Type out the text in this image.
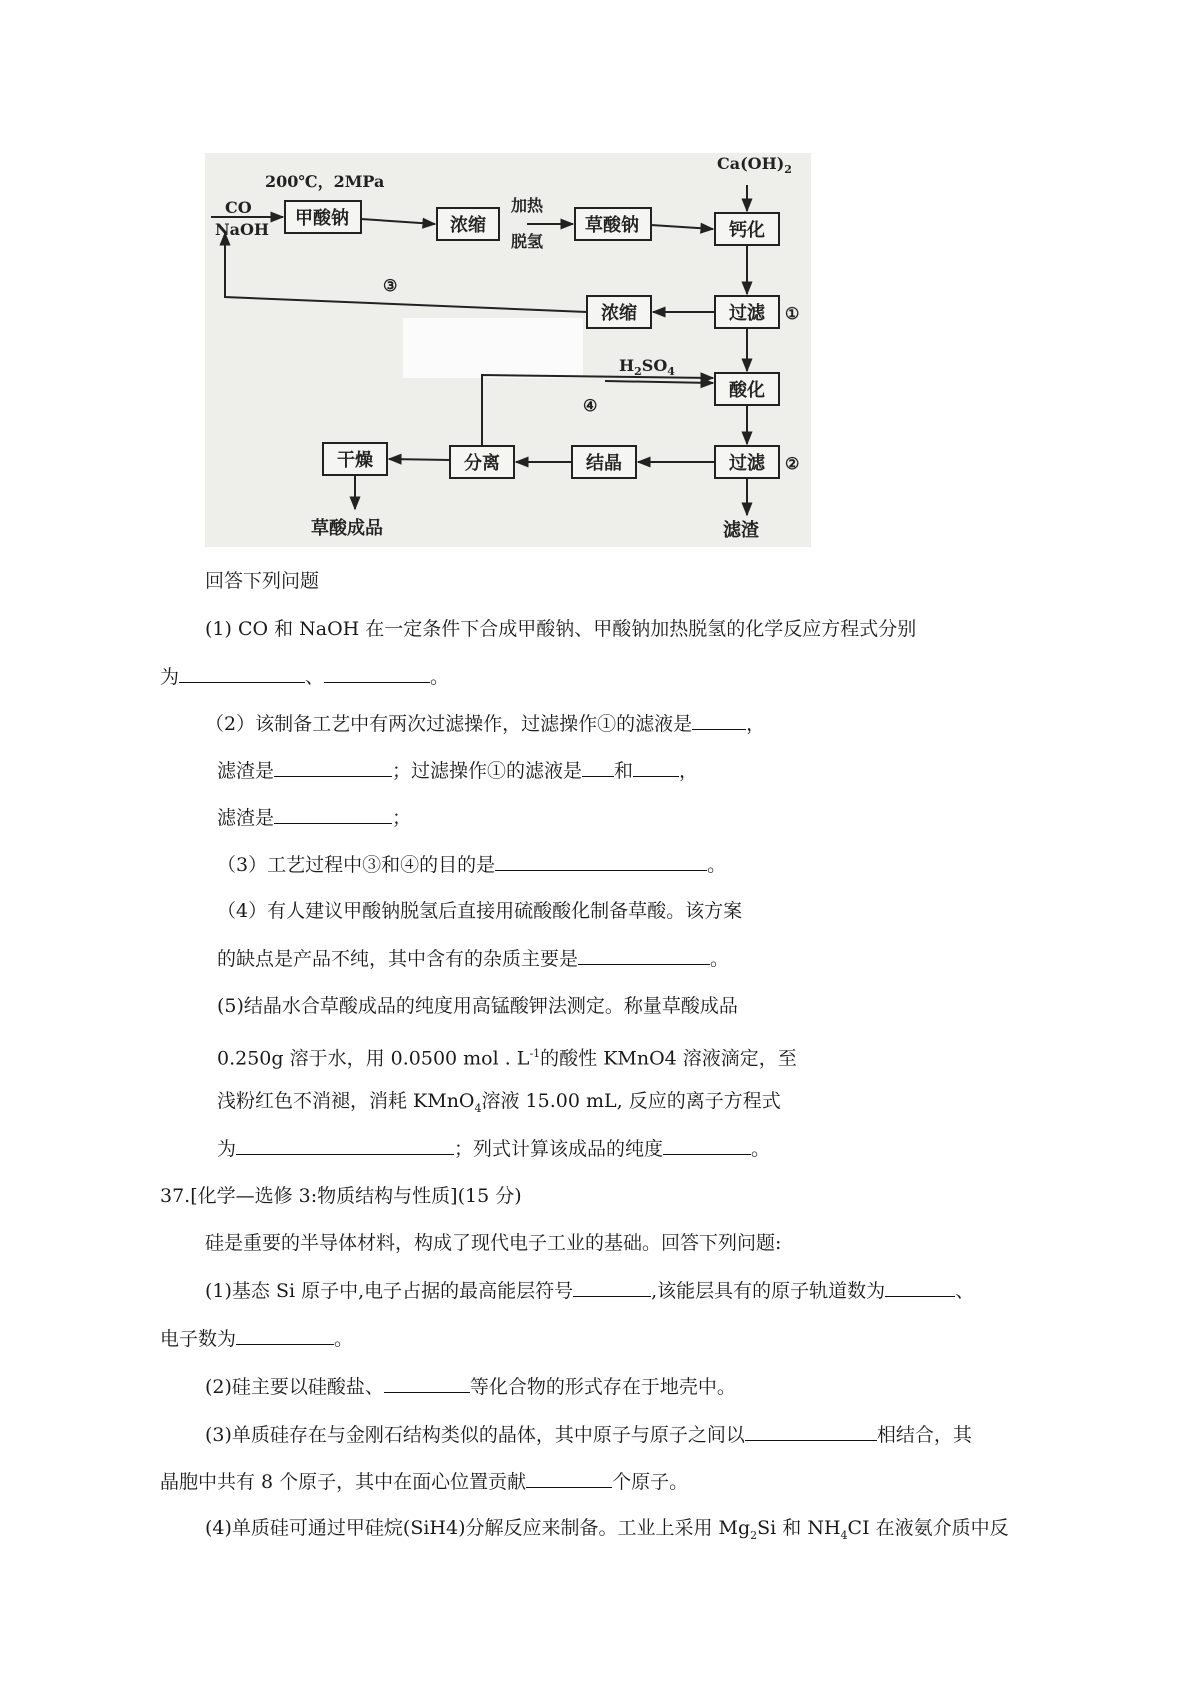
200℃，2MPa
CO
NaOH
甲酸钠	浓缩
加热
脱氢
草酸钠
$Ca(OH)_2$
钙化
③
浓缩	过滤 ①
$H_2SO_4$
酸化
④
干燥	分离	结晶	过滤 ②
草酸成品	滤渣
回答下列问题
(1) CO 和 NaOH 在一定条件下合成甲酸钠、甲酸钠加热脱氢的化学反应方程式分别
为	、	。
（2）该制备工艺中有两次过滤操作，过滤操作①的滤液是	，
滤渣是	；过滤操作①的滤液是 和 ，
滤渣是	；
（3）工艺过程中③和④的目的是	。
（4）有人建议甲酸钠脱氢后直接用硫酸酸化制备草酸。该方案
的缺点是产品不纯，其中含有的杂质主要是	。
(5)结晶水合草酸成品的纯度用高锰酸钾法测定。称量草酸成品
0.250g 溶于水，用 0.0500 mol . $L^{-1}$的酸性 KMnO4 溶液滴定，至
浅粉红色不消褪，消耗 KMnO$_4$溶液 15.00 mL, 反应的离子方程式
为	；列式计算该成品的纯度	。
37.[化学—选修 3:物质结构与性质](15 分)
硅是重要的半导体材料，构成了现代电子工业的基础。回答下列问题:
(1)基态 Si 原子中,电子占据的最高能层符号	,该能层具有的原子轨道数为	、
电子数为	。
(2)硅主要以硅酸盐、	等化合物的形式存在于地壳中。
(3)单质硅存在与金刚石结构类似的晶体，其中原子与原子之间以	相结合，其
晶胞中共有 8 个原子，其中在面心位置贡献	个原子。
(4)单质硅可通过甲硅烷(SiH4)分解反应来制备。工业上采用 $Mg_2Si$ 和 $NH_4CI$ 在液氨介质中反
